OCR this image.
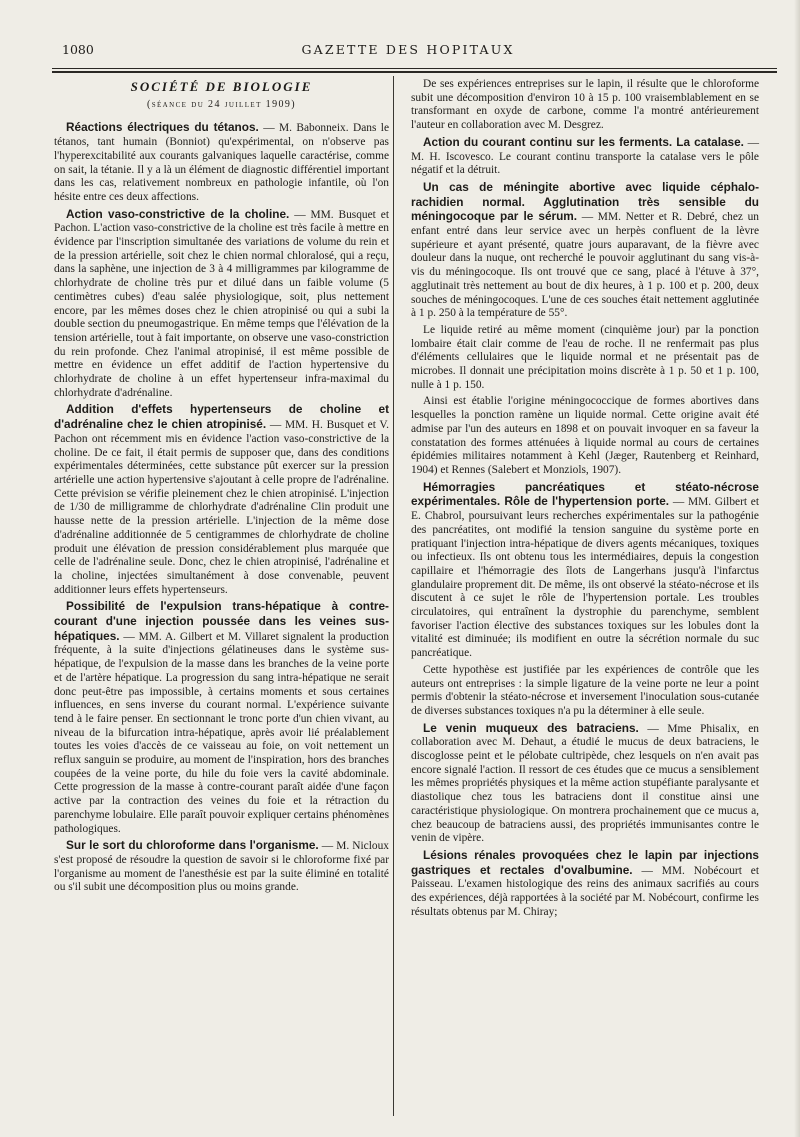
1080	GAZETTE DES HOPITAUX
SOCIÉTÉ DE BIOLOGIE
(séance du 24 juillet 1909)

Réactions électriques du tétanos. — M. Babonneix. Dans le tétanos, tant humain (Bonniot) qu'expérimental, on n'observe pas l'hyperexcitabilité aux courants galvaniques laquelle caractérise, comme on sait, la tétanie. Il y a là un élément de diagnostic différentiel important dans les cas, relativement nombreux en pathologie infantile, où l'on hésite entre ces deux affections.

Action vaso-constrictive de la choline. — MM. Busquet et Pachon. L'action vaso-constrictive de la choline est très facile à mettre en évidence par l'inscription simultanée des variations de volume du rein et de la pression artérielle, soit chez le chien normal chloralosé, qui a reçu, dans la saphène, une injection de 3 à 4 milligrammes par kilogramme de chlorhydrate de choline très pur et dilué dans un faible volume (5 centimètres cubes) d'eau salée physiologique, soit, plus nettement encore, par les mêmes doses chez le chien atropinisé ou qui a subi la double section du pneumogastrique. En même temps que l'élévation de la tension artérielle, tout à fait importante, on observe une vaso-constriction du rein profonde. Chez l'animal atropinisé, il est même possible de mettre en évidence un effet additif de l'action hypertensive du chlorhydrate de choline à un effet hypertenseur infra-maximal du chlorhydrate d'adrénaline.

Addition d'effets hypertenseurs de choline et d'adrénaline chez le chien atropinisé. — MM. H. Busquet et V. Pachon ont récemment mis en évidence l'action vaso-constrictive de la choline. De ce fait, il était permis de supposer que, dans des conditions expérimentales déterminées, cette substance pût exercer sur la pression artérielle une action hypertensive s'ajoutant à celle propre de l'adrénaline. Cette prévision se vérifie pleinement chez le chien atropinisé. L'injection de 1/30 de milligramme de chlorhydrate d'adrénaline Clin produit une hausse nette de la pression artérielle. L'injection de la même dose d'adrénaline additionnée de 5 centigrammes de chlorhydrate de choline produit une élévation de pression considérablement plus marquée que celle de l'adrénaline seule. Donc, chez le chien atropinisé, l'adrénaline et la choline, injectées simultanément à dose convenable, peuvent additionner leurs effets hypertenseurs.

Possibilité de l'expulsion trans-hépatique à contre-courant d'une injection poussée dans les veines sus-hépatiques. — MM. A. Gilbert et M. Villaret signalent la production fréquente, à la suite d'injections gélatineuses dans le système sus-hépatique, de l'expulsion de la masse dans les branches de la veine porte et de l'artère hépatique. La progression du sang intra-hépatique ne serait donc peut-être pas impossible, à certains moments et sous certaines influences, en sens inverse du courant normal. L'expérience suivante tend à le faire penser. En sectionnant le tronc porte d'un chien vivant, au niveau de la bifurcation intra-hépatique, après avoir lié préalablement toutes les voies d'accès de ce vaisseau au foie, on voit nettement un reflux sanguin se produire, au moment de l'inspiration, hors des branches coupées de la veine porte, du hile du foie vers la cavité abdominale. Cette progression de la masse à contre-courant paraît aidée d'une façon active par la contraction des veines du foie et la rétraction du parenchyme lobulaire. Elle paraît pouvoir expliquer certains phénomènes pathologiques.

Sur le sort du chloroforme dans l'organisme. — M. Nicloux s'est proposé de résoudre la question de savoir si le chloroforme fixé par l'organisme au moment de l'anesthésie est par la suite éliminé en totalité ou s'il subit une décomposition plus ou moins grande.

De ses expériences entreprises sur le lapin, il résulte que le chloroforme subit une décomposition d'environ 10 à 15 p. 100 vraisemblablement en se transformant en oxyde de carbone, comme l'a montré antérieurement l'auteur en collaboration avec M. Desgrez.

Action du courant continu sur les ferments. La catalase. — M. H. Iscovesco. Le courant continu transporte la catalase vers le pôle négatif et la détruit.

Un cas de méningite abortive avec liquide céphalo-rachidien normal. Agglutination très sensible du méningocoque par le sérum. — MM. Netter et R. Debré, chez un enfant entré dans leur service avec un herpès confluent de la lèvre supérieure et ayant présenté, quatre jours auparavant, de la fièvre avec douleur dans la nuque, ont recherché le pouvoir agglutinant du sang vis-à-vis du méningocoque. Ils ont trouvé que ce sang, placé à l'étuve à 37°, agglutinait très nettement au bout de dix heures, à 1 p. 100 et p. 200, deux souches de méningocoques. L'une de ces souches était nettement agglutinée à 1 p. 250 à la température de 55°.

Le liquide retiré au même moment (cinquième jour) par la ponction lombaire était clair comme de l'eau de roche. Il ne renfermait pas plus d'éléments cellulaires que le liquide normal et ne présentait pas de microbes. Il donnait une précipitation moins discrète à 1 p. 50 et 1 p. 100, nulle à 1 p. 150.

Ainsi est établie l'origine méningococcique de formes abortives dans lesquelles la ponction ramène un liquide normal. Cette origine avait été admise par l'un des auteurs en 1898 et on pouvait invoquer en sa faveur la constatation des formes atténuées à liquide normal au cours de certaines épidémies militaires notamment à Kehl (Jæger, Rautenberg et Reinhard, 1904) et Rennes (Salebert et Monziols, 1907).

Hémorragies pancréatiques et stéato-nécrose expérimentales. Rôle de l'hypertension porte. — MM. Gilbert et E. Chabrol, poursuivant leurs recherches expérimentales sur la pathogénie des pancréatites, ont modifié la tension sanguine du système porte en pratiquant l'injection intra-hépatique de divers agents mécaniques, toxiques ou infectieux. Ils ont obtenu tous les intermédiaires, depuis la congestion capillaire et l'hémorragie des îlots de Langerhans jusqu'à l'infarctus glandulaire proprement dit. De même, ils ont observé la stéato-nécrose et ils discutent à ce sujet le rôle de l'hypertension portale. Les troubles circulatoires, qui entraînent la dystrophie du parenchyme, semblent favoriser l'action élective des substances toxiques sur les lobules dont la vitalité est diminuée; ils modifient en outre la sécrétion normale du suc pancréatique.

Cette hypothèse est justifiée par les expériences de contrôle que les auteurs ont entreprises : la simple ligature de la veine porte ne leur a point permis d'obtenir la stéato-nécrose et inversement l'inoculation sous-cutanée de diverses substances toxiques n'a pu la déterminer à elle seule.

Le venin muqueux des batraciens. — Mme Phisalix, en collaboration avec M. Dehaut, a étudié le mucus de deux batraciens, le discoglosse peint et le pélobate cultripède, chez lesquels on n'en avait pas encore signalé l'action. Il ressort de ces études que ce mucus a sensiblement les mêmes propriétés physiques et la même action stupéfiante paralysante et diastolique chez tous les batraciens dont il constitue ainsi une caractéristique physiologique. On montrera prochainement que ce mucus a, chez beaucoup de batraciens aussi, des propriétés immunisantes contre le venin de vipère.

Lésions rénales provoquées chez le lapin par injections gastriques et rectales d'ovalbumine. — MM. Nobécourt et Paisseau. L'examen histologique des reins des animaux sacrifiés au cours des expériences, déjà rapportées à la société par M. Nobécourt, confirme les résultats obtenus par M. Chiray;
